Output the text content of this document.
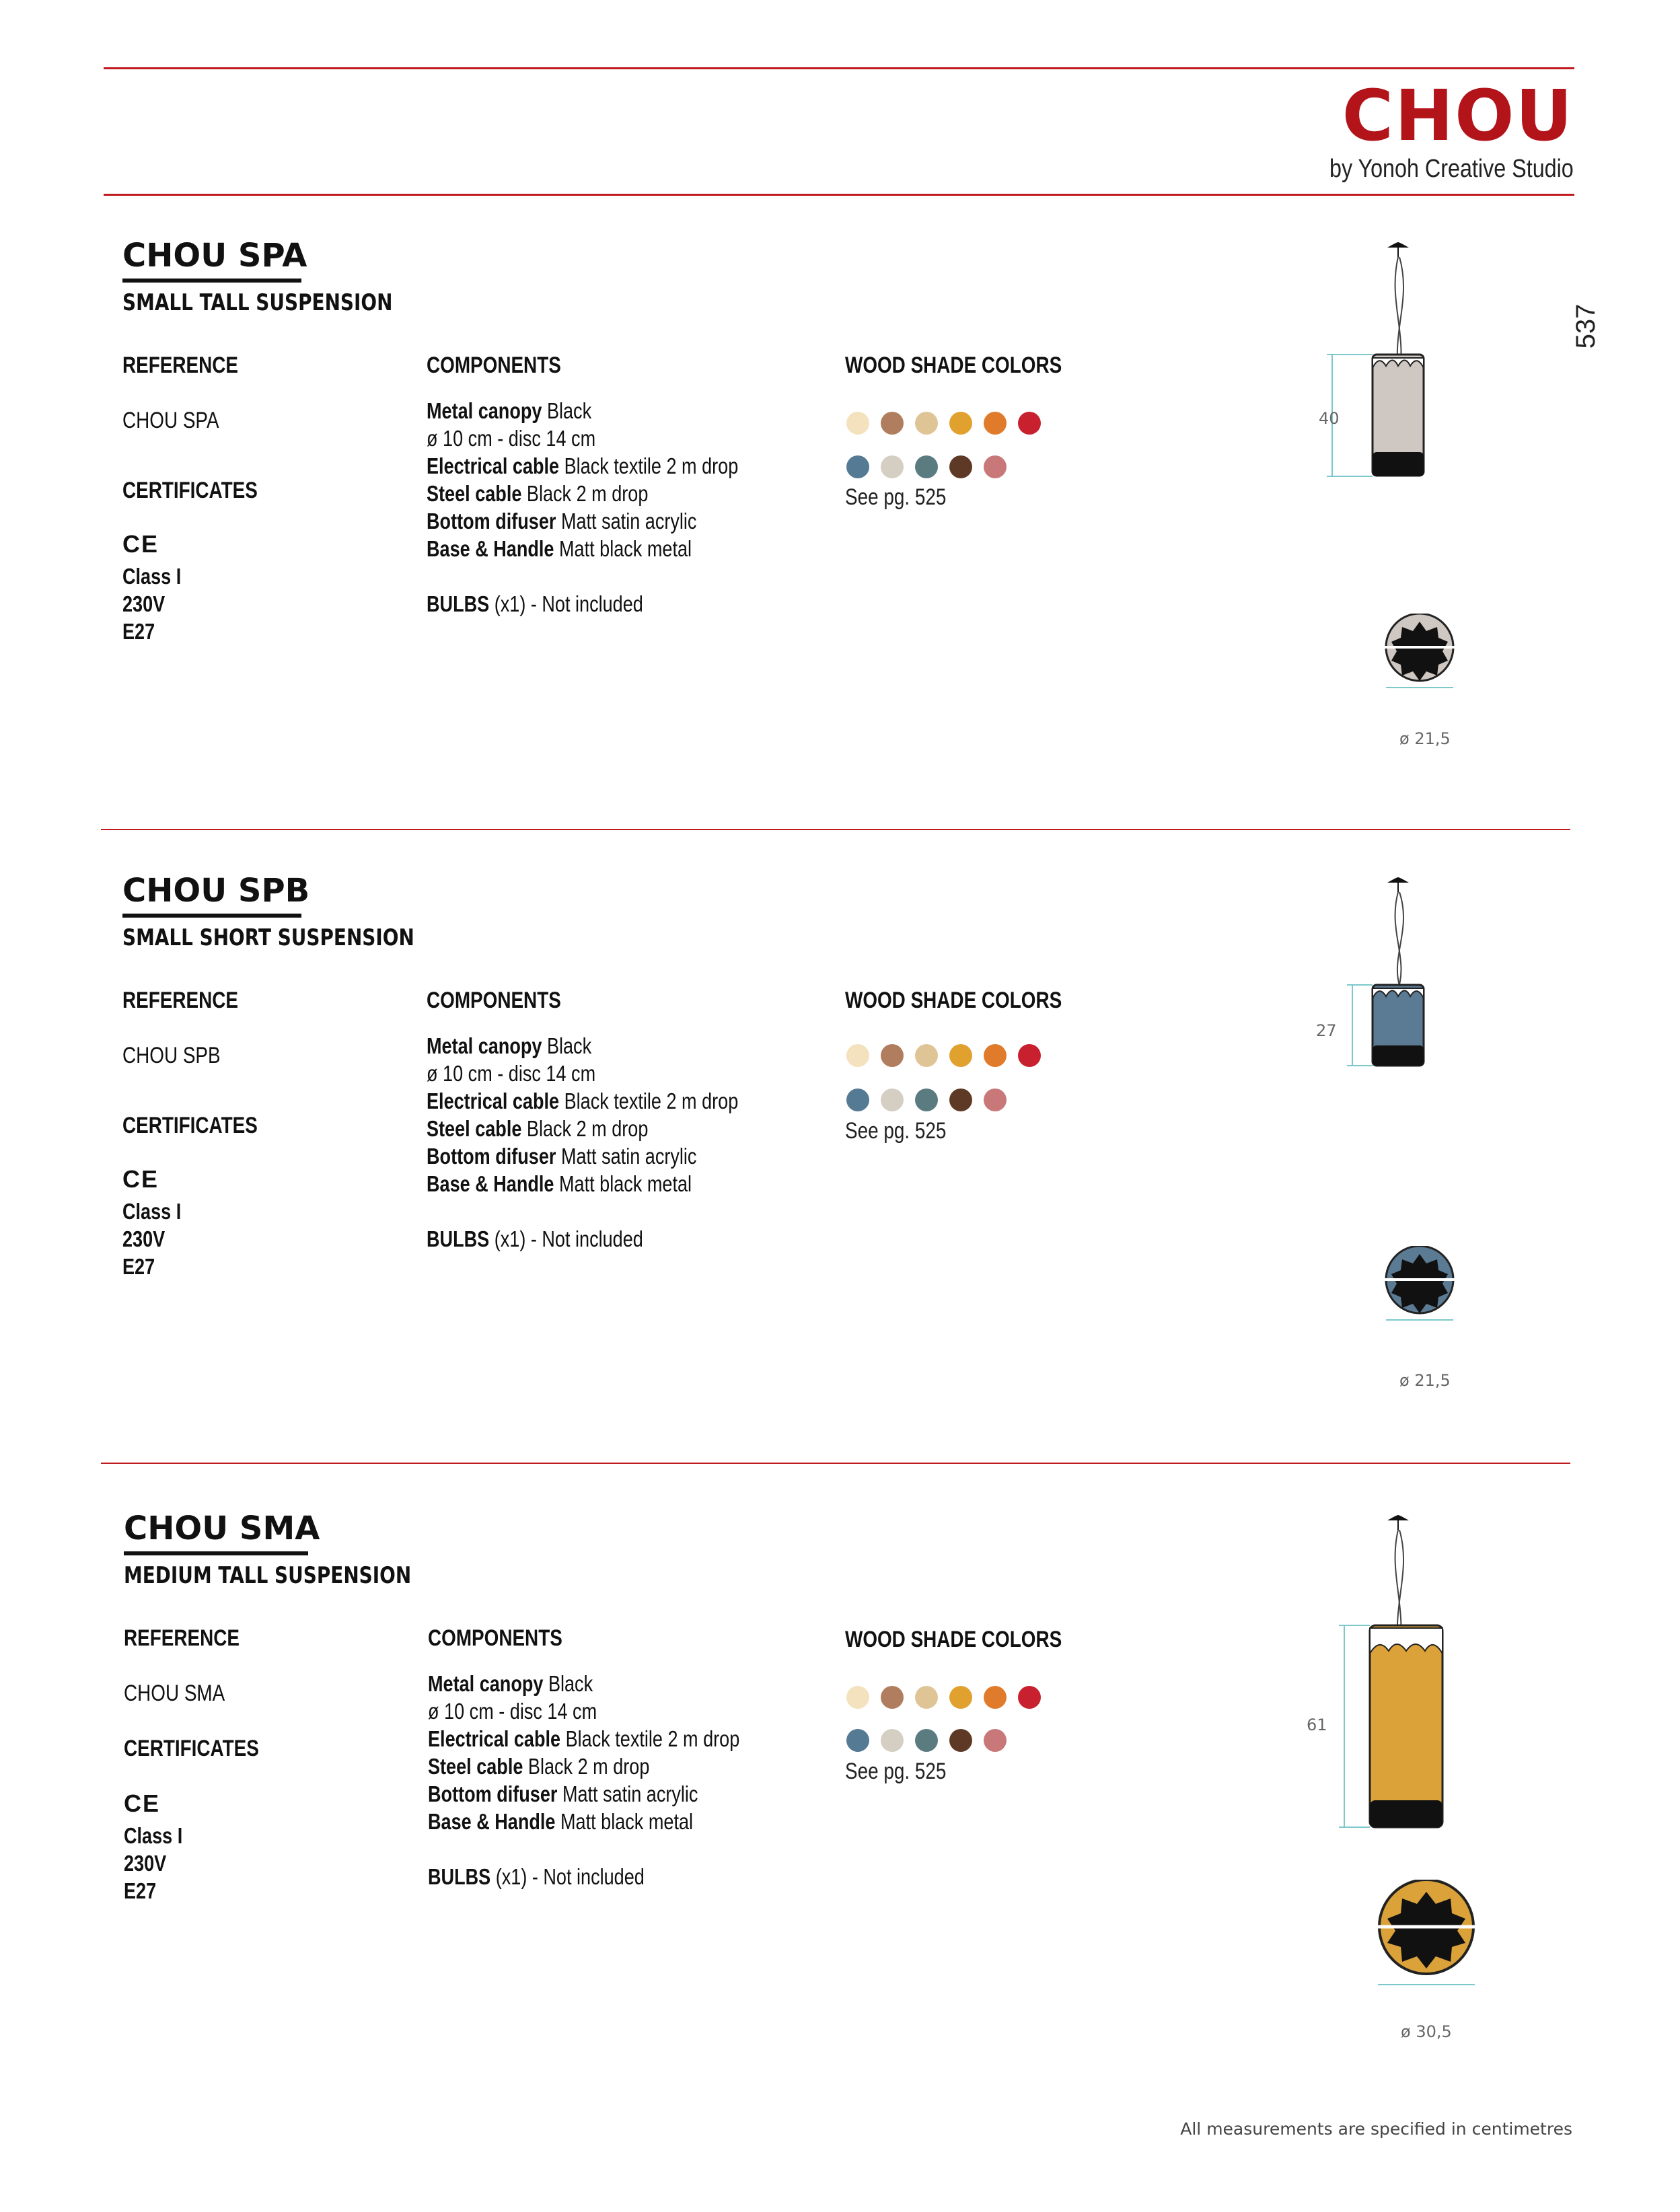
CHOU
by Yonoh Creative Studio
537
CHOU SPA
SMALL TALL SUSPENSION
REFERENCE
CHOU SPA
CERTIFICATES
CE
Class I
230V
E27
COMPONENTS
Metal canopy Black
ø 10 cm - disc 14 cm
Electrical cable Black textile 2 m drop
Steel cable Black 2 m drop
Bottom difuser Matt satin acrylic
Base & Handle Matt black metal
BULBS (x1) - Not included
WOOD SHADE COLORS
See pg. 525
40
ø 21,5
CHOU SPB
SMALL SHORT SUSPENSION
REFERENCE
CHOU SPB
CERTIFICATES
CE
Class I
230V
E27
COMPONENTS
Metal canopy Black
ø 10 cm - disc 14 cm
Electrical cable Black textile 2 m drop
Steel cable Black 2 m drop
Bottom difuser Matt satin acrylic
Base & Handle Matt black metal
BULBS (x1) - Not included
WOOD SHADE COLORS
See pg. 525
27
ø 21,5
CHOU SMA
MEDIUM TALL SUSPENSION
REFERENCE
CHOU SMA
CERTIFICATES
CE
Class I
230V
E27
COMPONENTS
Metal canopy Black
ø 10 cm - disc 14 cm
Electrical cable Black textile 2 m drop
Steel cable Black 2 m drop
Bottom difuser Matt satin acrylic
Base & Handle Matt black metal
BULBS (x1) - Not included
WOOD SHADE COLORS
See pg. 525
61
ø 30,5
All measurements are specified in centimetres
